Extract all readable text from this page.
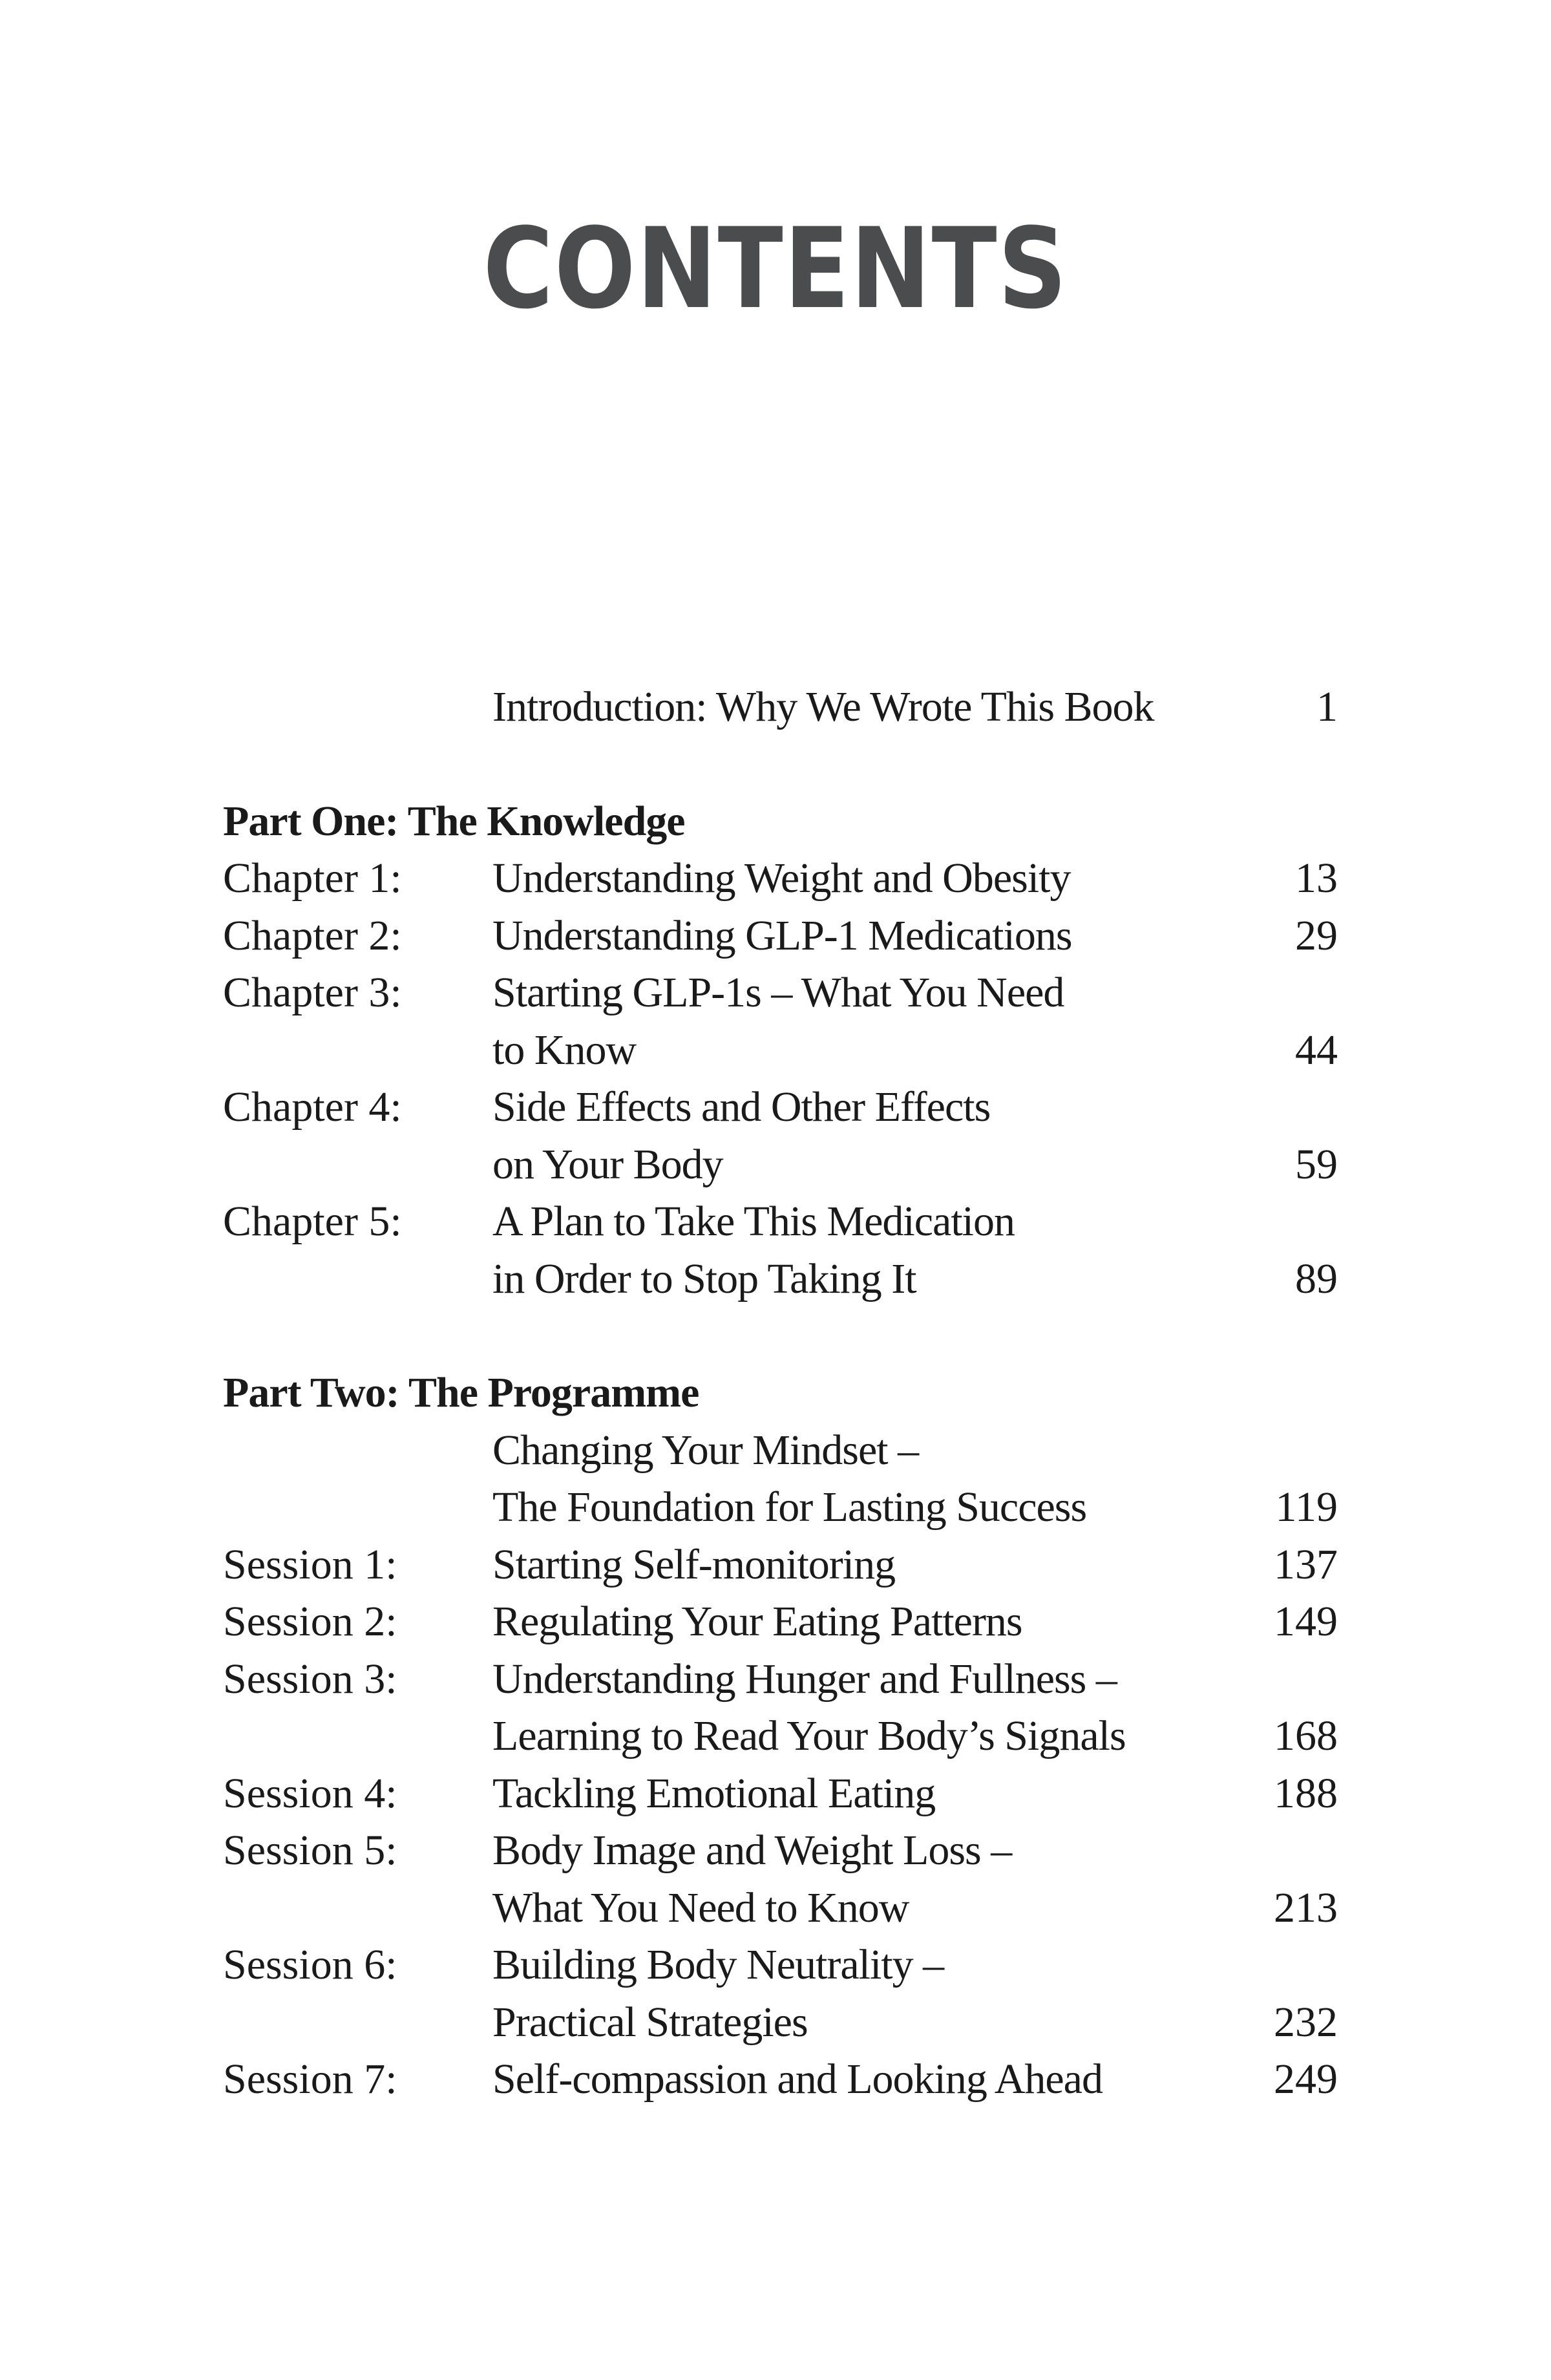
CONTENTS
Introduction: Why We Wrote This Book	1
Part One: The Knowledge
Chapter 1:	Understanding Weight and Obesity	13
Chapter 2:	Understanding GLP-1 Medications	29
Chapter 3:	Starting GLP-1s – What You Need
to Know	44
Chapter 4:	Side Effects and Other Effects
on Your Body	59
Chapter 5:	A Plan to Take This Medication
in Order to Stop Taking It	89
Part Two: The Programme
Changing Your Mindset –
The Foundation for Lasting Success	119
Session 1:	Starting Self-monitoring	137
Session 2:	Regulating Your Eating Patterns	149
Session 3:	Understanding Hunger and Fullness –
Learning to Read Your Body’s Signals	168
Session 4:	Tackling Emotional Eating	188
Session 5:	Body Image and Weight Loss –
What You Need to Know	213
Session 6:	Building Body Neutrality –
Practical Strategies	232
Session 7:	Self-compassion and Looking Ahead	249
